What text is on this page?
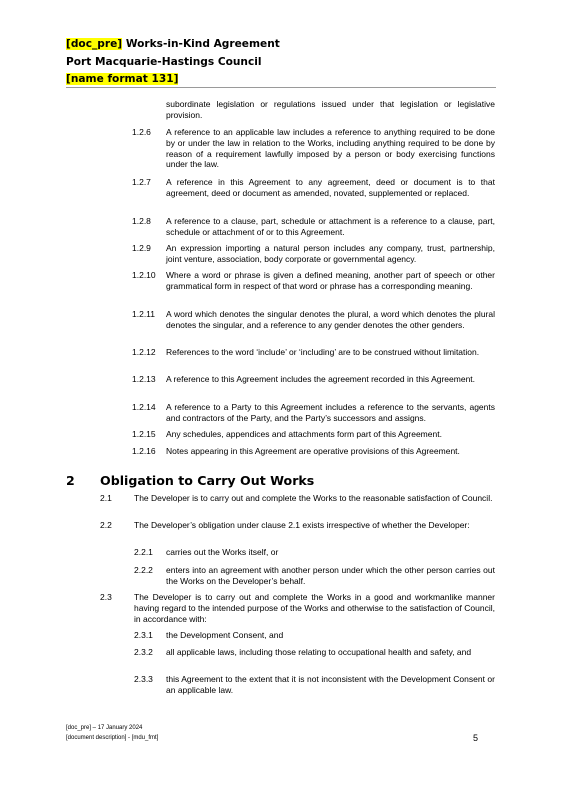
[doc_pre] Works-in-Kind Agreement
Port Macquarie-Hastings Council
[name format 131]
subordinate legislation or regulations issued under that legislation or legislative provision.
1.2.6 A reference to an applicable law includes a reference to anything required to be done by or under the law in relation to the Works, including anything required to be done by reason of a requirement lawfully imposed by a person or body exercising functions under the law.
1.2.7 A reference in this Agreement to any agreement, deed or document is to that agreement, deed or document as amended, novated, supplemented or replaced.
1.2.8 A reference to a clause, part, schedule or attachment is a reference to a clause, part, schedule or attachment of or to this Agreement.
1.2.9 An expression importing a natural person includes any company, trust, partnership, joint venture, association, body corporate or governmental agency.
1.2.10 Where a word or phrase is given a defined meaning, another part of speech or other grammatical form in respect of that word or phrase has a corresponding meaning.
1.2.11 A word which denotes the singular denotes the plural, a word which denotes the plural denotes the singular, and a reference to any gender denotes the other genders.
1.2.12 References to the word ‘include’ or ‘including’ are to be construed without limitation.
1.2.13 A reference to this Agreement includes the agreement recorded in this Agreement.
1.2.14 A reference to a Party to this Agreement includes a reference to the servants, agents and contractors of the Party, and the Party’s successors and assigns.
1.2.15 Any schedules, appendices and attachments form part of this Agreement.
1.2.16 Notes appearing in this Agreement are operative provisions of this Agreement.
2 Obligation to Carry Out Works
2.1	The Developer is to carry out and complete the Works to the reasonable satisfaction of Council.
2.2	The Developer’s obligation under clause 2.1 exists irrespective of whether the Developer:
2.2.1 carries out the Works itself, or
2.2.2 enters into an agreement with another person under which the other person carries out the Works on the Developer’s behalf.
2.3	The Developer is to carry out and complete the Works in a good and workmanlike manner having regard to the intended purpose of the Works and otherwise to the satisfaction of Council, in accordance with:
2.3.1 the Development Consent, and
2.3.2 all applicable laws, including those relating to occupational health and safety, and
2.3.3 this Agreement to the extent that it is not inconsistent with the Development Consent or an applicable law.
[doc_pre] – 17 January 2024
[document description] - [mdu_fmt]	5
